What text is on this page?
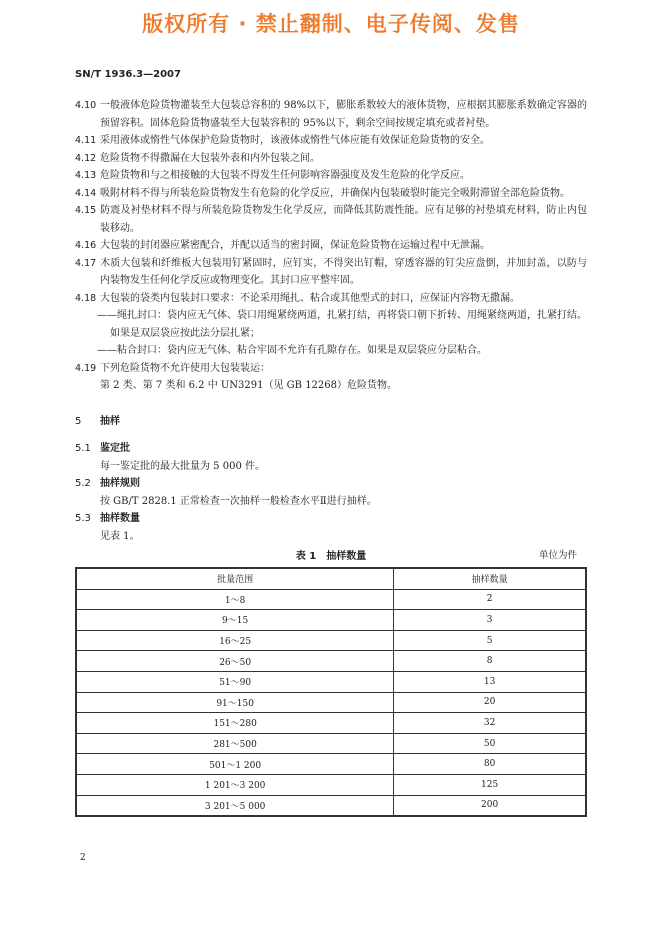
版权所有 · 禁止翻制、电子传阅、发售
SN/T 1936.3—2007
4.10 一般液体危险货物灌装至大包装总容积的 98%以下，膨胀系数较大的液体货物，应根据其膨胀系数确定容器的预留容积。固体危险货物盛装至大包装容积的 95%以下，剩余空间按规定填充或者衬垫。
4.11 采用液体或惰性气体保护危险货物时，该液体或惰性气体应能有效保证危险货物的安全。
4.12 危险货物不得撒漏在大包装外表和内外包装之间。
4.13 危险货物和与之相接触的大包装不得发生任何影响容器强度及发生危险的化学反应。
4.14 吸附材料不得与所装危险货物发生有危险的化学反应，并确保内包装破裂时能完全吸附滞留全部危险货物。
4.15 防震及衬垫材料不得与所装危险货物发生化学反应，而降低其防震性能。应有足够的衬垫填充材料，防止内包装移动。
4.16 大包装的封闭器应紧密配合，并配以适当的密封圈，保证危险货物在运输过程中无泄漏。
4.17 木质大包装和纤维板大包装用钉紧固时，应钉实，不得突出钉帽，穿透容器的钉尖应盘倒，并加封盖，以防与内装物发生任何化学反应或物理变化。其封口应平整牢固。
4.18 大包装的袋类内包装封口要求：不论采用绳扎、粘合或其他型式的封口，应保证内容物无撒漏。
——绳扎封口：袋内应无气体、袋口用绳紧绕两道，扎紧打结，再将袋口朝下折转、用绳紧绕两道，扎紧打结。如果是双层袋应按此法分层扎紧；
——粘合封口：袋内应无气体、粘合牢固不允许有孔隙存在。如果是双层袋应分层粘合。
4.19 下列危险货物不允许使用大包装装运：
第 2 类、第 7 类和 6.2 中 UN3291（见 GB 12268）危险货物。
5 抽样
5.1 鉴定批
每一鉴定批的最大批量为 5 000 件。
5.2 抽样规则
按 GB/T 2828.1 正常检查一次抽样一般检查水平Ⅱ进行抽样。
5.3 抽样数量
见表 1。
表 1　抽样数量	单位为件
批量范围	抽样数量
1～8	2
9～15	3
16～25	5
26～50	8
51～90	13
91～150	20
151～280	32
281～500	50
501～1 200	80
1 201～3 200	125
3 201～5 000	200
2
